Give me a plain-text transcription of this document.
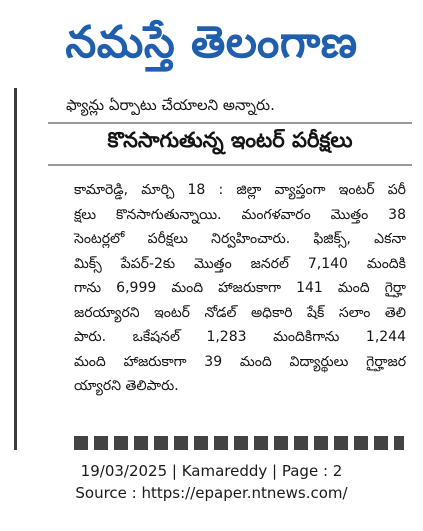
నమస్తే తెలంగాణ
ఫ్యాన్లు ఏర్పాటు చేయాలని అన్నారు.
కొనసాగుతున్న ఇంటర్ పరీక్షలు
కామారెడ్డి, మార్చి 18 : జిల్లా వ్యాప్తంగా ఇంటర్ పరీ
క్షలు కొనసాగుతున్నాయి. మంగళవారం మొత్తం 38
సెంటర్లలో పరీక్షలు నిర్వహించారు. ఫిజిక్స్, ఎకనా
మిక్స్ పేపర్-2కు మొత్తం జనరల్ 7,140 మందికి
గాను 6,999 మంది హాజరుకాగా 141 మంది గైర్హా
జరయ్యారని ఇంటర్ నోడల్ అధికారి షేక్ సలాం తెలి
పారు. ఒకేషనల్ 1,283 మందికిగాను 1,244
మంది హాజరుకాగా 39 మంది విద్యార్థులు గైర్హాజర
య్యారని తెలిపారు.
19/03/2025 | Kamareddy | Page : 2
Source : https://epaper.ntnews.com/
